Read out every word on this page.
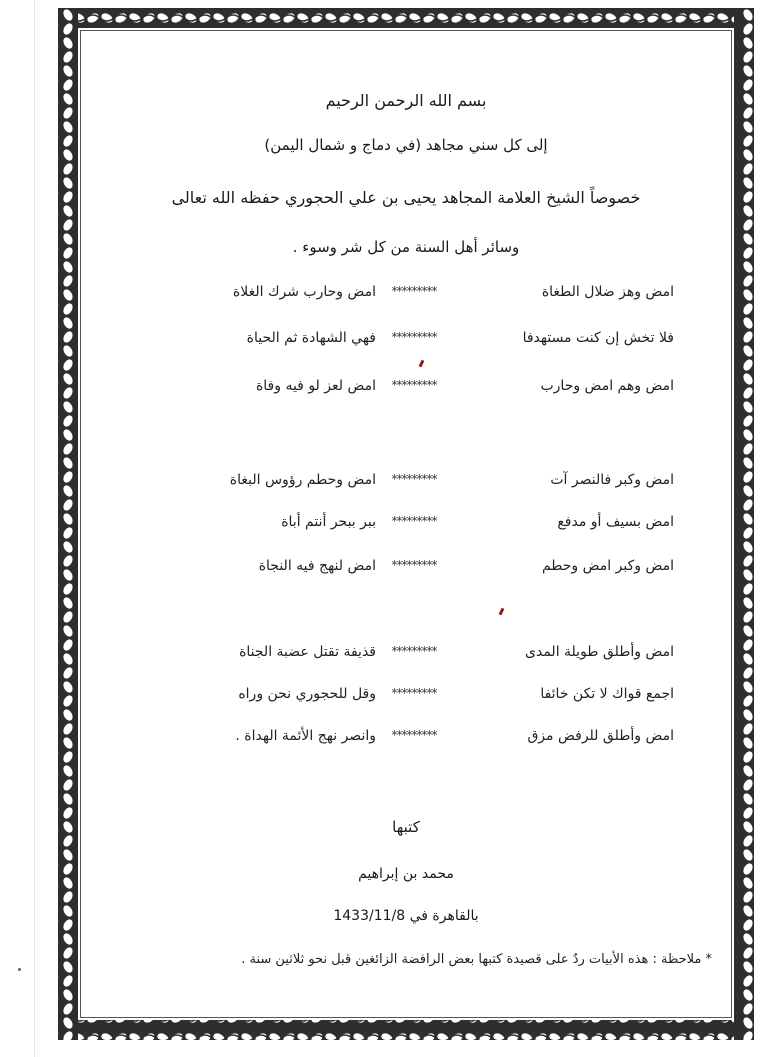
بسم الله الرحمن الرحيم
إلى كل سني مجاهد (في دماج و شمال اليمن)
خصوصاً الشيخ العلامة المجاهد يحيى بن علي الحجوري حفظه الله تعالى
وسائر أهل السنة من كل شر وسوء .
امض وهز ضلال الطغاة
*********
امض وحارب شرك الغلاة
فلا تخش إن كنت مستهدفا
*********
فهي الشهادة ثم الحياة
امض وهم امض وحارب
*********
امض لعز لو فيه وفاة
امض وكبر فالنصر آت
*********
امض وحطم رؤوس البغاة
امض بسيف أو مدفع
*********
ببر ببحر أنتم أباة
امض وكبر امض وحطم
*********
امض لنهج فيه النجاة
امض وأطلق طويلة المدى
*********
قذيفة تقتل عضبة الجناة
اجمع قواك لا تكن خائفا
*********
وقل للحجوري نحن وراه
امض وأطلق للرفض مزق
*********
وانصر نهج الأئمة الهداة .
كتبها
محمد بن إبراهيم
بالقاهرة في 1433/11/8
* ملاحظة : هذه الأبيات ردٌ على قصيدة كتبها بعض الرافضة الزائغين قبل نحو ثلاثين سنة .
